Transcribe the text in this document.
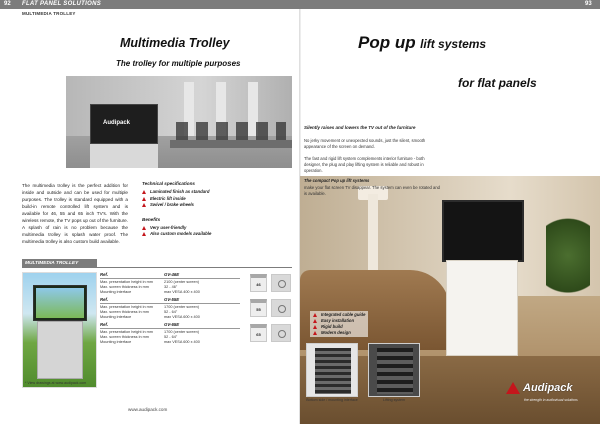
92 FLAT PANEL SOLUTIONS	93
MULTIMEDIA TROLLEY
Multimedia Trolley
The trolley for multiple purposes
Audipack
The multimedia trolley is the perfect addition for inside and outside and can be used for multiple purposes. The trolley is standard equipped with a build-in remote controlled lift system and is available for 46, 55 and 65 inch TV's. With the wireless remote, the TV pops up out of the furniture. A splash of rain is no problem because the multimedia trolley is splash water proof. The multimedia trolley is also custom build available.
Technical specifications
Laminated finish as standard
Electric lift inside
Swivel / brake wheels
Benefits
Very user-friendly
Also custom models available
MULTIMEDIA TROLLEY
* View drawings at www.audipack.com
Ref.	GV-46E
Max. presentation height in mm	2100 (center screen)
Max. screen thickness in mm	32 - 46"
Mounting interface	max VESA 400 x 400
46
Ref.	GV-55E
Max. presentation height in mm	1700 (center screen)
Max. screen thickness in mm	52 - 64"
Mounting interface	max VESA 600 x 400
55
Ref.	GV-65E
Max. presentation height in mm	1700 (center screen)
Max. screen thickness in mm	52 - 64"
Mounting interface	max VESA 600 x 400
65
www.audipack.com
Pop up lift systems
for flat panels
Silently raises and lowers the TV out of the furniture
No jerky movement or unexpected sounds, just the silent, smooth appearance of the screen on demand.
The fast and rigid lift system complements interior furniture - both designer, the plug and play lifting system is reliable and robust in operation.
The compact Pop up lift systems
make your flat screen TV disappear. The system can even be rotated and is available.
Integrated cable guide
Easy installation
Rigid build
Modern design
Bottom side / mounting interface	Lifting system
Audipack
the strength in audiovisual solutions
